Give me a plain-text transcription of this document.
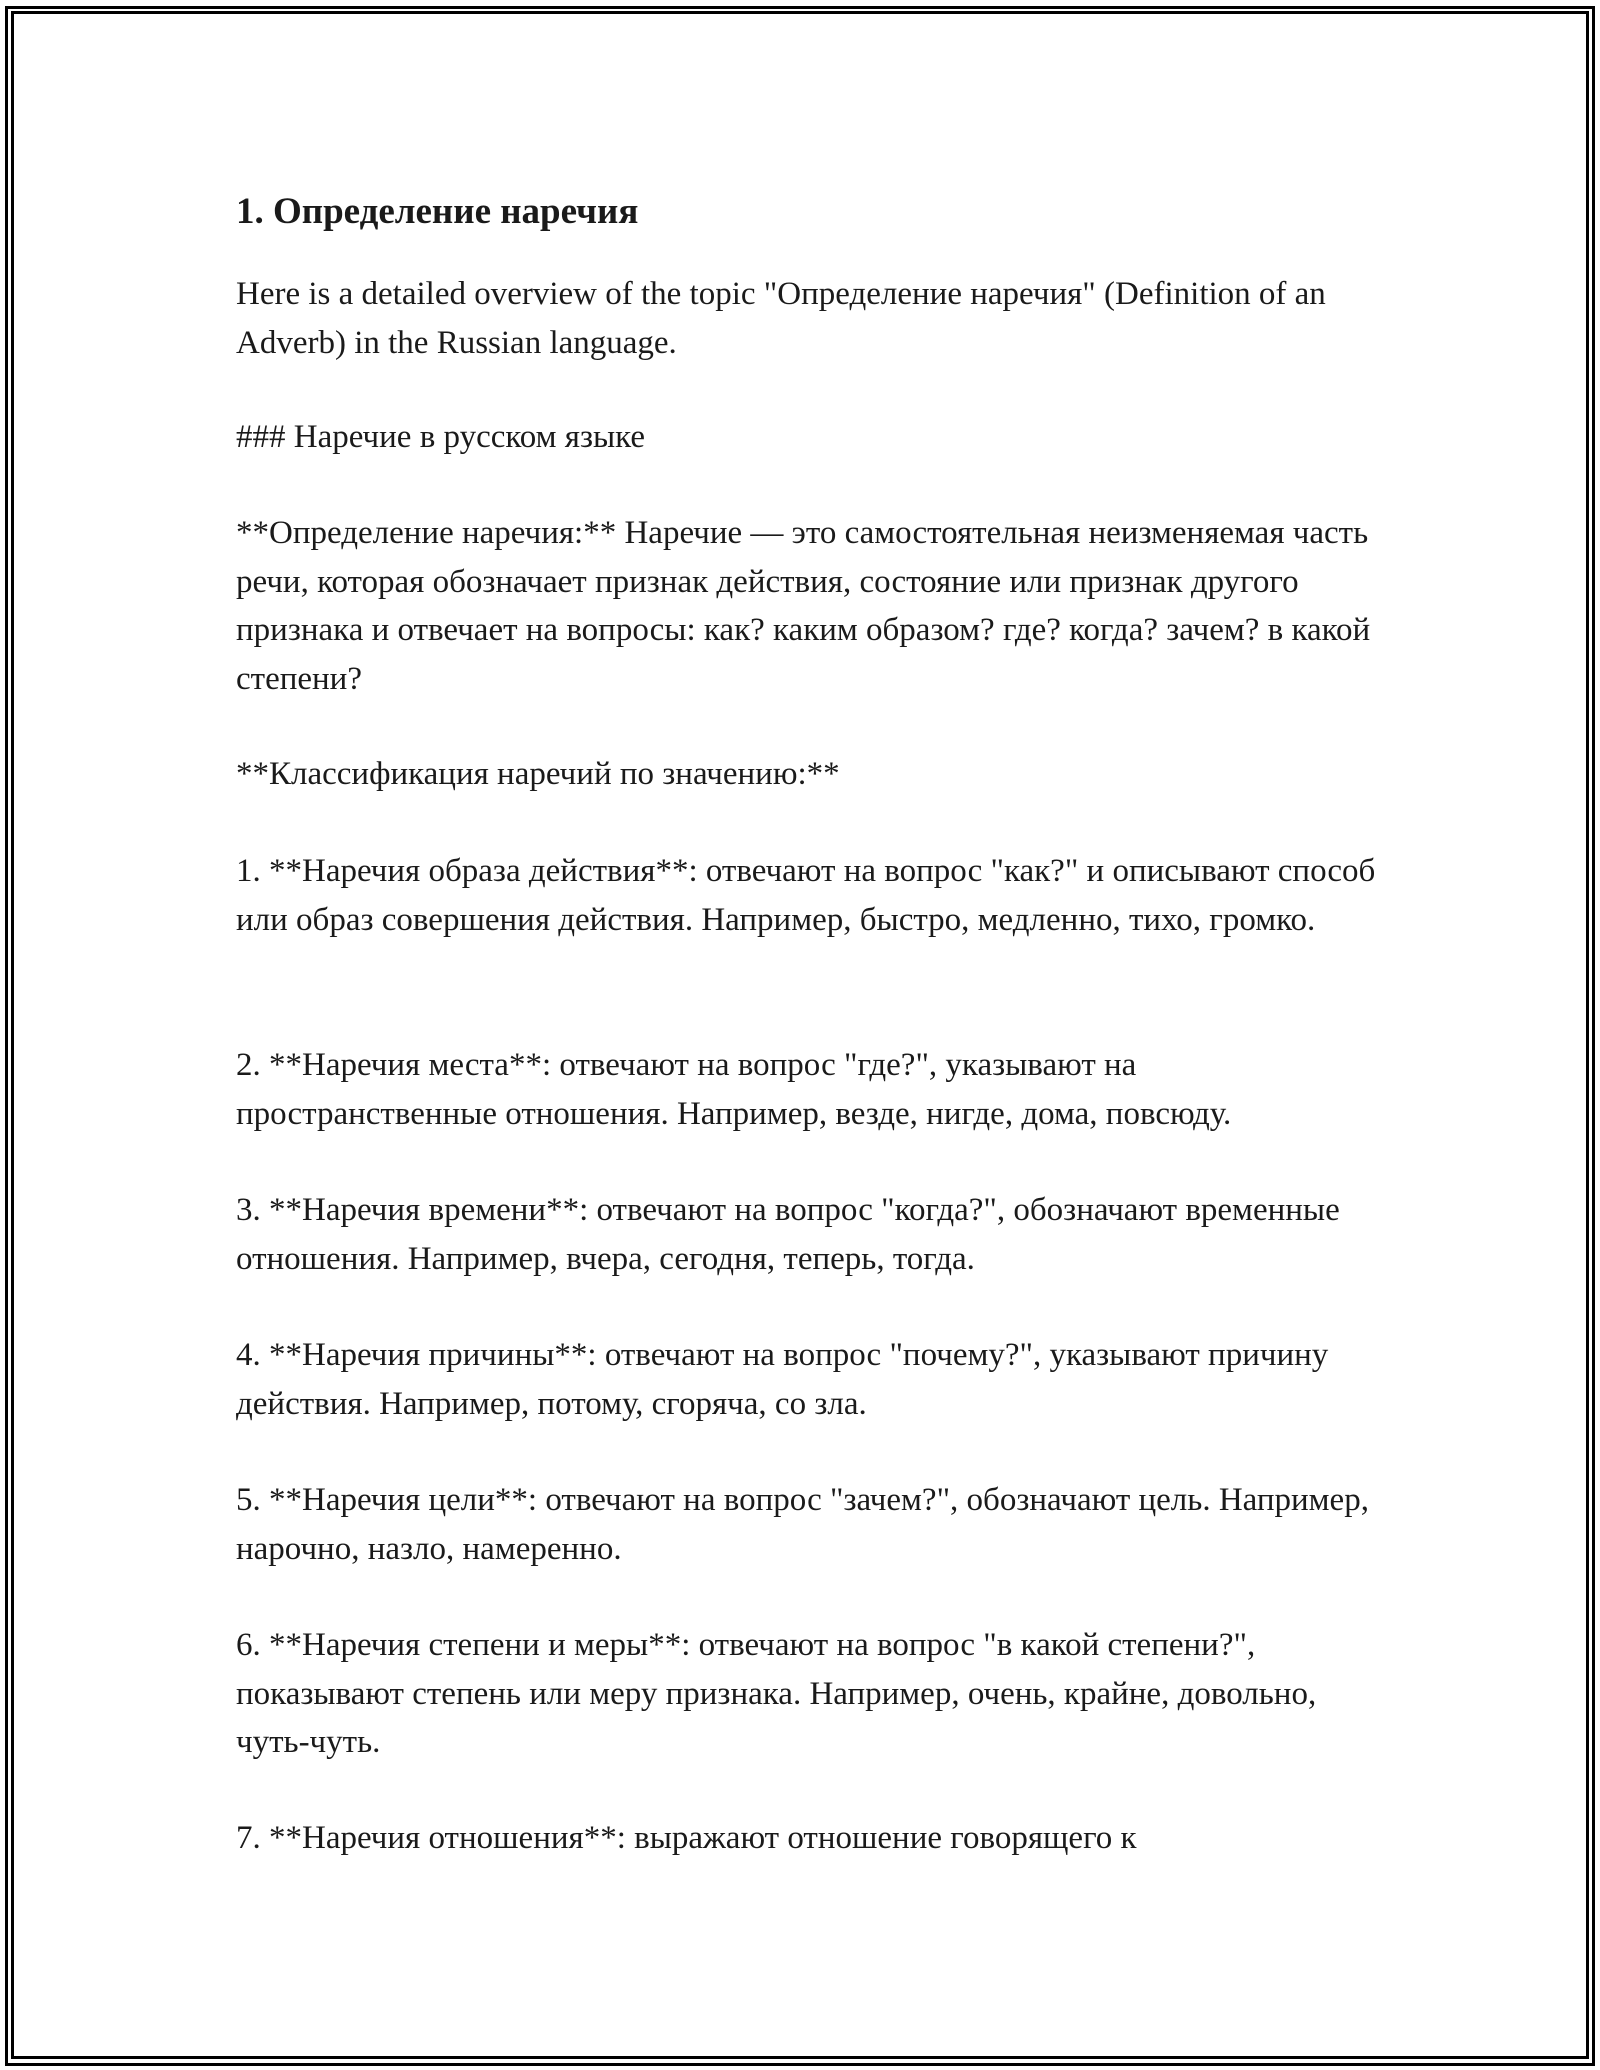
1. Определение наречия

Here is a detailed overview of the topic "Определение наречия" (Definition of an Adverb) in the Russian language.

### Наречие в русском языке

**Определение наречия:** Наречие — это самостоятельная неизменяемая часть речи, которая обозначает признак действия, состояние или признак другого признака и отвечает на вопросы: как? каким образом? где? когда? зачем? в какой степени?

**Классификация наречий по значению:**

1. **Наречия образа действия**: отвечают на вопрос "как?" и описывают способ или образ совершения действия. Например, быстро, медленно, тихо, громко.

2. **Наречия места**: отвечают на вопрос "где?", указывают на пространственные отношения. Например, везде, нигде, дома, повсюду.

3. **Наречия времени**: отвечают на вопрос "когда?", обозначают временные отношения. Например, вчера, сегодня, теперь, тогда.

4. **Наречия причины**: отвечают на вопрос "почему?", указывают причину действия. Например, потому, сгоряча, со зла.

5. **Наречия цели**: отвечают на вопрос "зачем?", обозначают цель. Например, нарочно, назло, намеренно.

6. **Наречия степени и меры**: отвечают на вопрос "в какой степени?", показывают степень или меру признака. Например, очень, крайне, довольно, чуть-чуть.

7. **Наречия отношения**: выражают отношение говорящего к
